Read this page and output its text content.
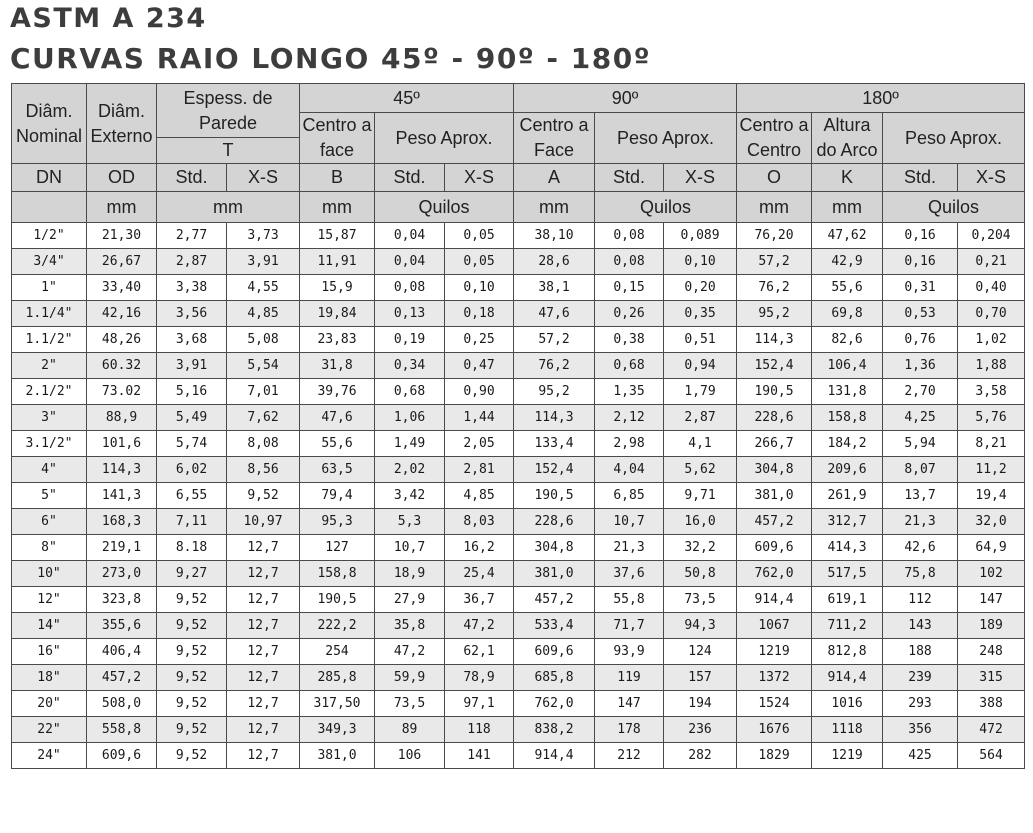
ASTM A 234
CURVAS RAIO LONGO 45º - 90º - 180º
Diâm. Nominal	Diâm. Externo	Espess. de Parede		45º			90º			180º			
				Centro a face	Peso Aprox.		Centro a Face	Peso Aprox.		Centro a Centro	Altura do Arco	Peso Aprox.	
		T											
DN	OD	Std.	X-S	B	Std.	X-S	A	Std.	X-S	O	K	Std.	X-S
	mm	mm		mm	Quilos		mm	Quilos		mm	mm	Quilos	
1/2"	21,30	2,77	3,73	15,87	0,04	0,05	38,10	0,08	0,089	76,20	47,62	0,16	0,204
3/4"	26,67	2,87	3,91	11,91	0,04	0,05	28,6	0,08	0,10	57,2	42,9	0,16	0,21
1"	33,40	3,38	4,55	15,9	0,08	0,10	38,1	0,15	0,20	76,2	55,6	0,31	0,40
1.1/4"	42,16	3,56	4,85	19,84	0,13	0,18	47,6	0,26	0,35	95,2	69,8	0,53	0,70
1.1/2"	48,26	3,68	5,08	23,83	0,19	0,25	57,2	0,38	0,51	114,3	82,6	0,76	1,02
2"	60.32	3,91	5,54	31,8	0,34	0,47	76,2	0,68	0,94	152,4	106,4	1,36	1,88
2.1/2"	73.02	5,16	7,01	39,76	0,68	0,90	95,2	1,35	1,79	190,5	131,8	2,70	3,58
3"	88,9	5,49	7,62	47,6	1,06	1,44	114,3	2,12	2,87	228,6	158,8	4,25	5,76
3.1/2"	101,6	5,74	8,08	55,6	1,49	2,05	133,4	2,98	4,1	266,7	184,2	5,94	8,21
4"	114,3	6,02	8,56	63,5	2,02	2,81	152,4	4,04	5,62	304,8	209,6	8,07	11,2
5"	141,3	6,55	9,52	79,4	3,42	4,85	190,5	6,85	9,71	381,0	261,9	13,7	19,4
6"	168,3	7,11	10,97	95,3	5,3	8,03	228,6	10,7	16,0	457,2	312,7	21,3	32,0
8"	219,1	8.18	12,7	127	10,7	16,2	304,8	21,3	32,2	609,6	414,3	42,6	64,9
10"	273,0	9,27	12,7	158,8	18,9	25,4	381,0	37,6	50,8	762,0	517,5	75,8	102
12"	323,8	9,52	12,7	190,5	27,9	36,7	457,2	55,8	73,5	914,4	619,1	112	147
14"	355,6	9,52	12,7	222,2	35,8	47,2	533,4	71,7	94,3	1067	711,2	143	189
16"	406,4	9,52	12,7	254	47,2	62,1	609,6	93,9	124	1219	812,8	188	248
18"	457,2	9,52	12,7	285,8	59,9	78,9	685,8	119	157	1372	914,4	239	315
20"	508,0	9,52	12,7	317,50	73,5	97,1	762,0	147	194	1524	1016	293	388
22"	558,8	9,52	12,7	349,3	89	118	838,2	178	236	1676	1118	356	472
24"	609,6	9,52	12,7	381,0	106	141	914,4	212	282	1829	1219	425	564
